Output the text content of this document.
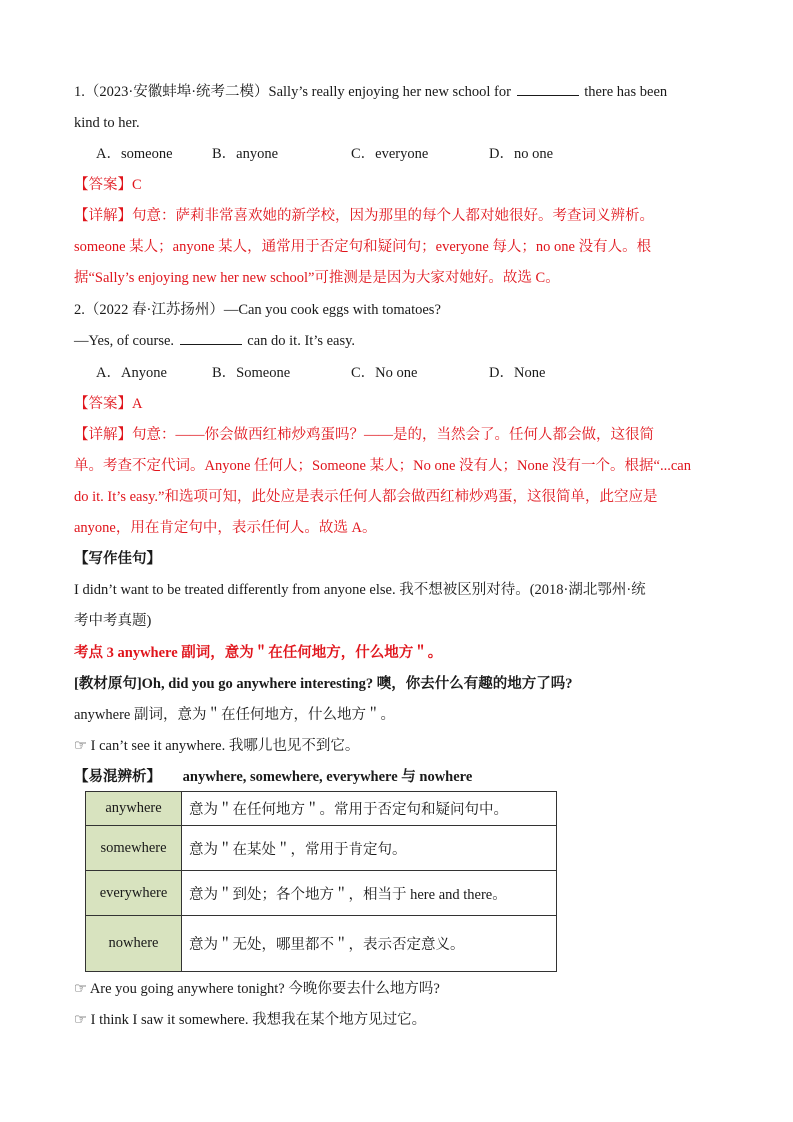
1.（2023·安徽蚌埠·统考二模）Sally’s really enjoying her new school for	there has been
kind to her.
A．someone	B．anyone	C．everyone	D．no one
【答案】C
【详解】句意：萨莉非常喜欢她的新学校，因为那里的每个人都对她很好。考查词义辨析。
someone 某人；anyone 某人，通常用于否定句和疑问句；everyone 每人；no one 没有人。根
据“Sally’s enjoying new her new school”可推测是是因为大家对她好。故选 C。
2.（2022 春·江苏扬州）—Can you cook eggs with tomatoes?
—Yes, of course.	can do it. It’s easy.
A．Anyone	B．Someone	C．No one	D．None
【答案】A
【详解】句意：——你会做西红柿炒鸡蛋吗？——是的，当然会了。任何人都会做，这很简
单。考查不定代词。Anyone 任何人；Someone 某人；No one 没有人；None 没有一个。根据“...can
do it. It’s easy.”和选项可知，此处应是表示任何人都会做西红柿炒鸡蛋，这很简单，此空应是
anyone，用在肯定句中，表示任何人。故选 A。
【写作佳句】
I didn’t want to be treated differently from anyone else. 我不想被区别对待。(2018·湖北鄂州·统
考中考真题)
考点 3 anywhere 副词，意为＂在任何地方，什么地方＂。
[教材原句]Oh, did you go anywhere interesting? 噢，你去什么有趣的地方了吗?
anywhere 副词，意为＂在任何地方，什么地方＂。
☞ I can’t see it anywhere. 我哪儿也见不到它。
【易混辨析】 anywhere, somewhere, everywhere 与 nowhere
anywhere	意为＂在任何地方＂。常用于否定句和疑问句中。
somewhere	意为＂在某处＂，常用于肯定句。
everywhere	意为＂到处；各个地方＂，相当于 here and there。
nowhere	意为＂无处，哪里都不＂，表示否定意义。
☞ Are you going anywhere tonight? 今晚你要去什么地方吗?
☞ I think I saw it somewhere. 我想我在某个地方见过它。
